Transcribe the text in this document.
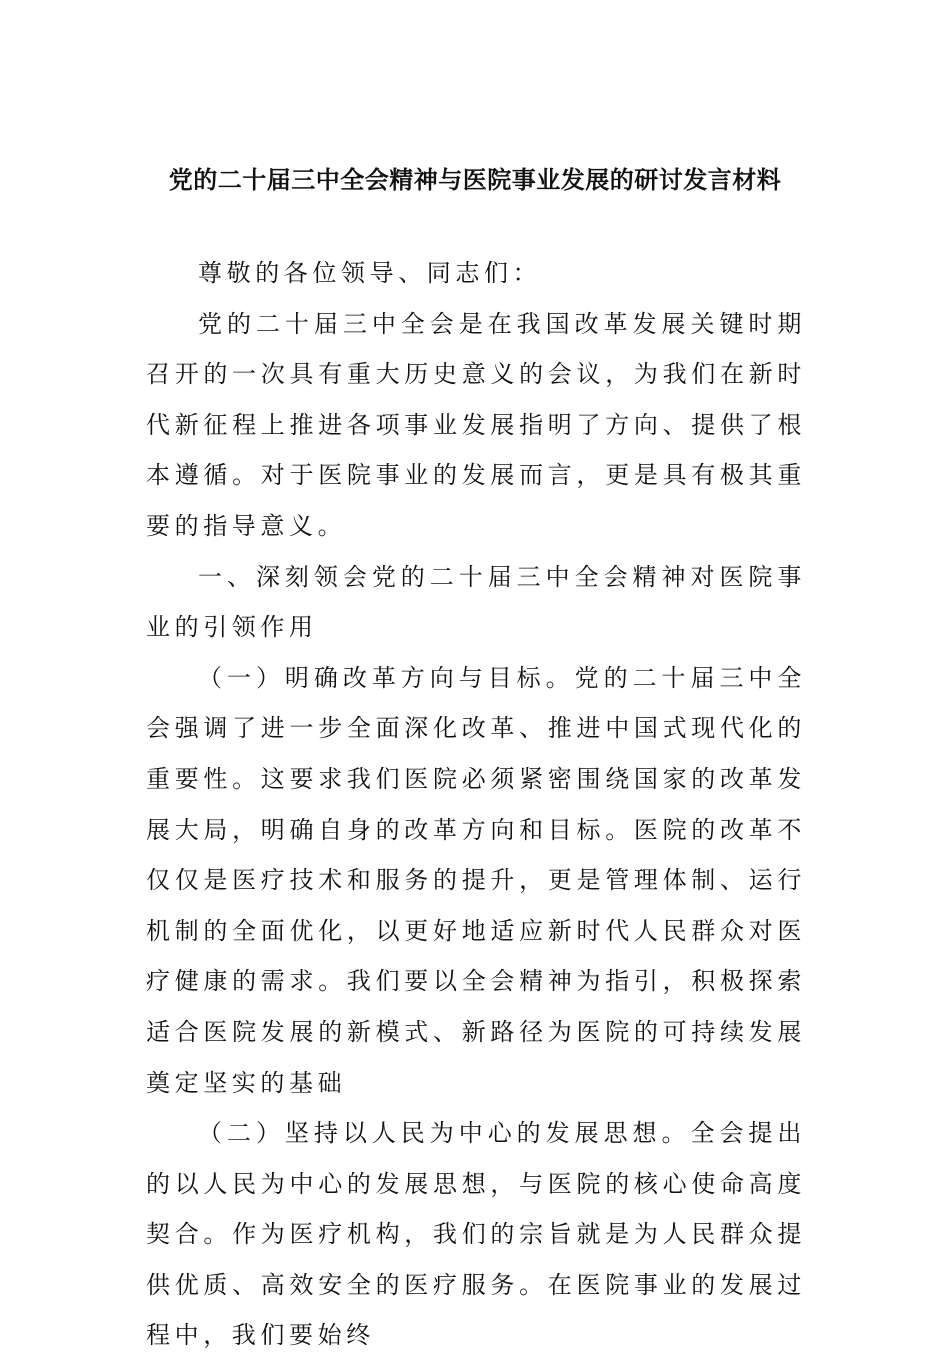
党的二十届三中全会精神与医院事业发展的研讨发言材料

尊敬的各位领导、同志们：

党的二十届三中全会是在我国改革发展关键时期召开的一次具有重大历史意义的会议，为我们在新时代新征程上推进各项事业发展指明了方向、提供了根本遵循。对于医院事业的发展而言，更是具有极其重要的指导意义。

一、深刻领会党的二十届三中全会精神对医院事业的引领作用

（一）明确改革方向与目标。党的二十届三中全会强调了进一步全面深化改革、推进中国式现代化的重要性。这要求我们医院必须紧密围绕国家的改革发展大局，明确自身的改革方向和目标。医院的改革不仅仅是医疗技术和服务的提升，更是管理体制、运行机制的全面优化，以更好地适应新时代人民群众对医疗健康的需求。我们要以全会精神为指引，积极探索适合医院发展的新模式、新路径为医院的可持续发展奠定坚实的基础

（二）坚持以人民为中心的发展思想。全会提出的以人民为中心的发展思想，与医院的核心使命高度契合。作为医疗机构，我们的宗旨就是为人民群众提供优质、高效安全的医疗服务。在医院事业的发展过程中，我们要始终
